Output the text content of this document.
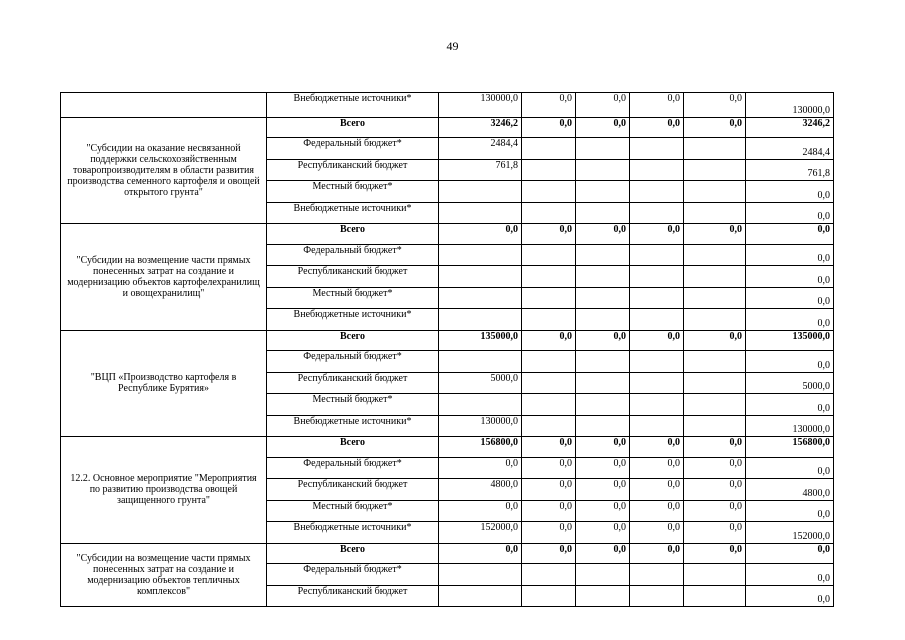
49
	Внебюджетные источники*	130000,0	0,0	0,0	0,0	0,0	130000,0
"Субсидии на оказание несвязанной поддержки сельскохозяйственным товаропроизводителям в области развития производства семенного картофеля и овощей открытого грунта"	Всего	3246,2	0,0	0,0	0,0	0,0	3246,2
	Федеральный бюджет*	2484,4					2484,4
	Республиканский бюджет	761,8					761,8
	Местный бюджет*						0,0
	Внебюджетные источники*						0,0
"Субсидии на возмещение части прямых понесенных затрат на создание и модернизацию объектов картофелехранилищ и овощехранилищ"	Всего	0,0	0,0	0,0	0,0	0,0	0,0
	Федеральный бюджет*						0,0
	Республиканский бюджет						0,0
	Местный бюджет*						0,0
	Внебюджетные источники*						0,0
"ВЦП «Производство картофеля в Республике Бурятия»	Всего	135000,0	0,0	0,0	0,0	0,0	135000,0
	Федеральный бюджет*						0,0
	Республиканский бюджет	5000,0					5000,0
	Местный бюджет*						0,0
	Внебюджетные источники*	130000,0					130000,0
12.2. Основное мероприятие "Мероприятия по развитию производства овощей защищенного грунта"	Всего	156800,0	0,0	0,0	0,0	0,0	156800,0
	Федеральный бюджет*	0,0	0,0	0,0	0,0	0,0	0,0
	Республиканский бюджет	4800,0	0,0	0,0	0,0	0,0	4800,0
	Местный бюджет*	0,0	0,0	0,0	0,0	0,0	0,0
	Внебюджетные источники*	152000,0	0,0	0,0	0,0	0,0	152000,0
"Субсидии на возмещение части прямых понесенных затрат на создание и модернизацию объектов тепличных комплексов"	Всего	0,0	0,0	0,0	0,0	0,0	0,0
	Федеральный бюджет*						0,0
	Республиканский бюджет						0,0
